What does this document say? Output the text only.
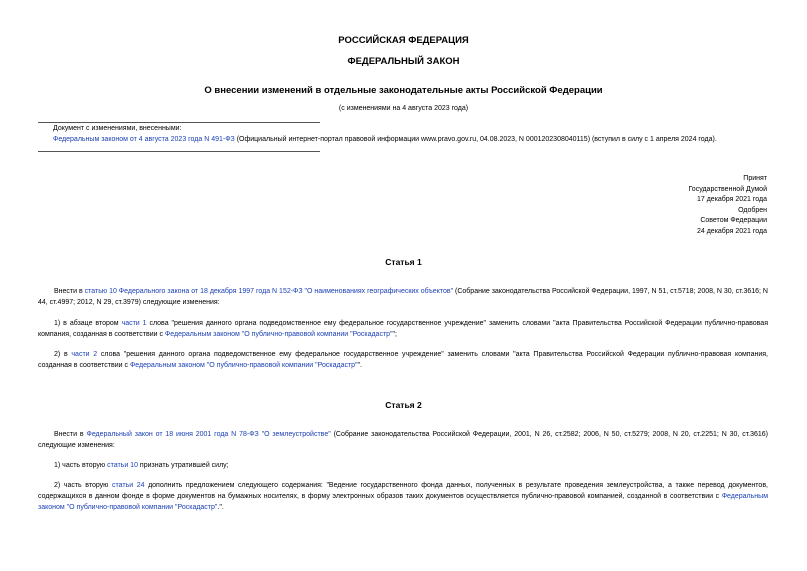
РОССИЙСКАЯ ФЕДЕРАЦИЯ
ФЕДЕРАЛЬНЫЙ ЗАКОН
О внесении изменений в отдельные законодательные акты Российской Федерации
(с изменениями на 4 августа 2023 года)
Документ с изменениями, внесенными:
Федеральным законом от 4 августа 2023 года N 491-ФЗ (Официальный интернет-портал правовой информации www.pravo.gov.ru, 04.08.2023, N 0001202308040115) (вступил в силу с 1 апреля 2024 года).
Принят
Государственной Думой
17 декабря 2021 года
Одобрен
Советом Федерации
24 декабря 2021 года
Статья 1
Внести в статью 10 Федерального закона от 18 декабря 1997 года N 152-ФЗ "О наименованиях географических объектов" (Собрание законодательства Российской Федерации, 1997, N 51, ст.5718; 2008, N 30, ст.3616; N 44, ст.4997; 2012, N 29, ст.3979) следующие изменения:
1) в абзаце втором части 1 слова "решения данного органа подведомственное ему федеральное государственное учреждение" заменить словами "акта Правительства Российской Федерации публично-правовая компания, созданная в соответствии с Федеральным законом "О публично-правовой компании "Роскадастр"";
2) в части 2 слова "решения данного органа подведомственное ему федеральное государственное учреждение" заменить словами "акта Правительства Российской Федерации публично-правовая компания, созданная в соответствии с Федеральным законом "О публично-правовой компании "Роскадастр"".
Статья 2
Внести в Федеральный закон от 18 июня 2001 года N 78-ФЗ "О землеустройстве" (Собрание законодательства Российской Федерации, 2001, N 26, ст.2582; 2006, N 50, ст.5279; 2008, N 20, ст.2251; N 30, ст.3616) следующие изменения:
1) часть вторую статьи 10 признать утратившей силу;
2) часть вторую статьи 24 дополнить предложением следующего содержания: "Ведение государственного фонда данных, полученных в результате проведения землеустройства, а также перевод документов, содержащихся в данном фонде в форме документов на бумажных носителях, в форму электронных образов таких документов осуществляется публично-правовой компанией, созданной в соответствии с Федеральным законом "О публично-правовой компании "Роскадастр".".
